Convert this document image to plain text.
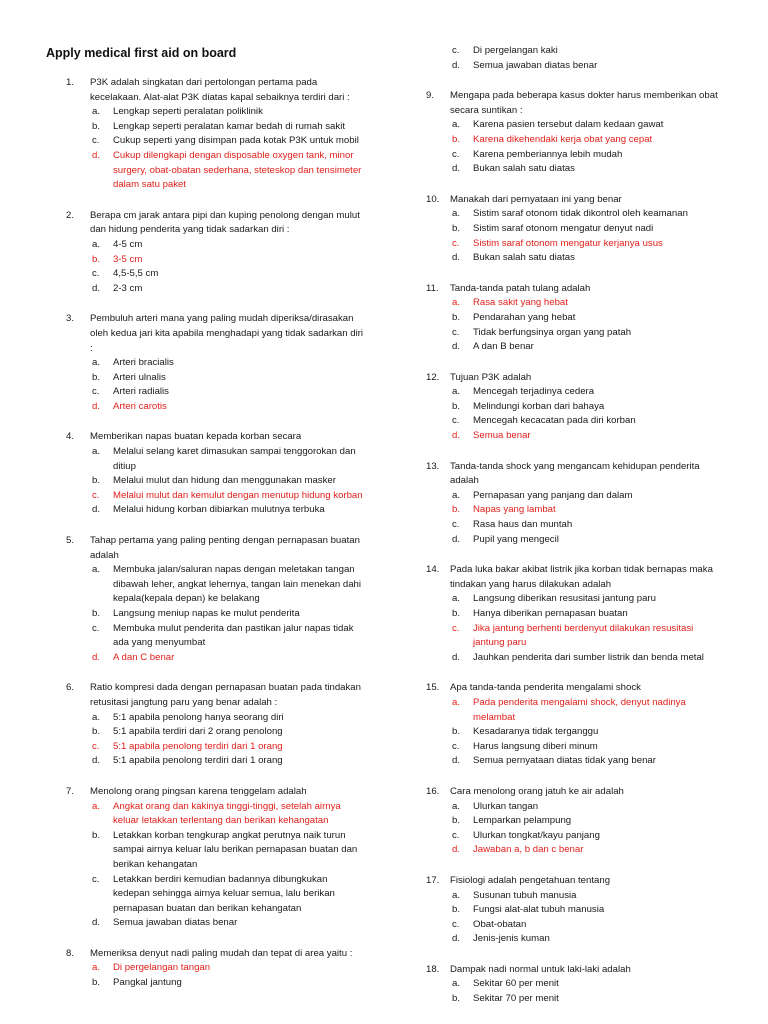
Apply medical first aid on board
1.	P3K adalah singkatan dari pertolongan pertama pada kecelakaan. Alat-alat P3K diatas kapal sebaiknya terdiri dari :
a.	Lengkap seperti peralatan poliklinik
b.	Lengkap seperti peralatan kamar bedah di rumah sakit
c.	Cukup seperti yang disimpan pada kotak P3K untuk mobil
d.	Cukup dilengkapi dengan disposable oxygen tank, minor surgery, obat-obatan sederhana, steteskop dan tensimeter dalam satu paket
2.	Berapa cm jarak antara pipi dan kuping penolong dengan mulut dan hidung penderita yang tidak sadarkan diri :
a.	4-5 cm
b.	3-5 cm
c.	4,5-5,5 cm
d.	2-3 cm
3.	Pembuluh arteri mana yang paling mudah diperiksa/dirasakan oleh kedua jari kita apabila menghadapi yang tidak sadarkan diri :
a.	Arteri bracialis
b.	Arteri ulnalis
c.	Arteri radialis
d.	Arteri carotis
4.	Memberikan napas buatan kepada korban secara
a.	Melalui selang karet dimasukan sampai tenggorokan dan ditiup
b.	Melalui mulut dan hidung dan menggunakan masker
c.	Melalui mulut dan kemulut dengan menutup hidung korban
d.	Melalui hidung korban dibiarkan mulutnya terbuka
5.	Tahap pertama yang paling penting dengan pernapasan buatan adalah
a.	Membuka jalan/saluran napas dengan meletakan tangan dibawah leher, angkat lehernya, tangan lain menekan dahi kepala(kepala depan) ke belakang
b.	Langsung meniup napas ke mulut penderita
c.	Membuka mulut penderita dan pastikan jalur napas tidak ada yang menyumbat
d.	A dan C benar
6.	Ratio kompresi dada dengan pernapasan buatan pada tindakan retusitasi jangtung paru yang benar adalah :
a.	5:1 apabila penolong hanya seorang diri
b.	5:1 apabila terdiri dari 2 orang penolong
c.	5:1 apabila penolong terdiri dari 1 orang
d.	5:1 apabila penolong terdiri dari 1 orang
7.	Menolong orang pingsan karena tenggelam adalah
a.	Angkat orang dan kakinya tinggi-tinggi, setelah airnya keluar letakkan terlentang dan berikan kehangatan
b.	Letakkan korban tengkurap angkat perutnya naik turun sampai airnya keluar lalu berikan pernapasan buatan dan berikan kehangatan
c.	Letakkan berdiri kemudian badannya dibungkukan kedepan sehingga airnya keluar semua, lalu berikan pernapasan buatan dan berikan kehangatan
d.	Semua jawaban diatas benar
8.	Memeriksa denyut nadi paling mudah dan tepat di area yaitu :
a.	Di pergelangan tangan
b.	Pangkal jantung
c.	Di pergelangan kaki
d.	Semua jawaban diatas benar
9.	Mengapa pada beberapa kasus dokter harus memberikan obat secara suntikan :
a.	Karena pasien tersebut dalam kedaan gawat
b.	Karena dikehendaki kerja obat yang cepat
c.	Karena pemberiannya lebih mudah
d.	Bukan salah satu diatas
10.	Manakah dari pernyataan ini yang benar
a.	Sistim saraf otonom tidak dikontrol oleh keamanan
b.	Sistim saraf otonom mengatur denyut nadi
c.	Sistim saraf otonom mengatur kerjanya usus
d.	Bukan salah satu diatas
11.	Tanda-tanda patah tulang adalah
a.	Rasa sakit yang hebat
b.	Pendarahan yang hebat
c.	Tidak berfungsinya organ yang patah
d.	A dan B benar
12.	Tujuan P3K adalah
a.	Mencegah terjadinya cedera
b.	Melindungi korban dari bahaya
c.	Mencegah kecacatan pada diri korban
d.	Semua benar
13.	Tanda-tanda shock yang mengancam kehidupan penderita adalah
a.	Pernapasan yang panjang dan dalam
b.	Napas yang lambat
c.	Rasa haus dan muntah
d.	Pupil yang mengecil
14.	Pada luka bakar akibat listrik jika korban tidak bernapas maka tindakan yang harus dilakukan adalah
a.	Langsung diberikan resusitasi jantung paru
b.	Hanya diberikan pernapasan buatan
c.	Jika jantung berhenti berdenyut dilakukan resusitasi jantung paru
d.	Jauhkan penderita dari sumber listrik dan benda metal
15.	Apa tanda-tanda penderita mengalami shock
a.	Pada penderita mengalami shock, denyut nadinya melambat
b.	Kesadaranya tidak terganggu
c.	Harus langsung diberi minum
d.	Semua pernyataan diatas tidak yang benar
16.	Cara menolong orang jatuh ke air adalah
a.	Ulurkan tangan
b.	Lemparkan pelampung
c.	Ulurkan tongkat/kayu panjang
d.	Jawaban a, b dan c benar
17.	Fisiologi adalah pengetahuan tentang
a.	Susunan tubuh manusia
b.	Fungsi alat-alat tubuh manusia
c.	Obat-obatan
d.	Jenis-jenis kuman
18.	Dampak nadi normal untuk laki-laki adalah
a.	Sekitar 60 per menit
b.	Sekitar 70 per menit
